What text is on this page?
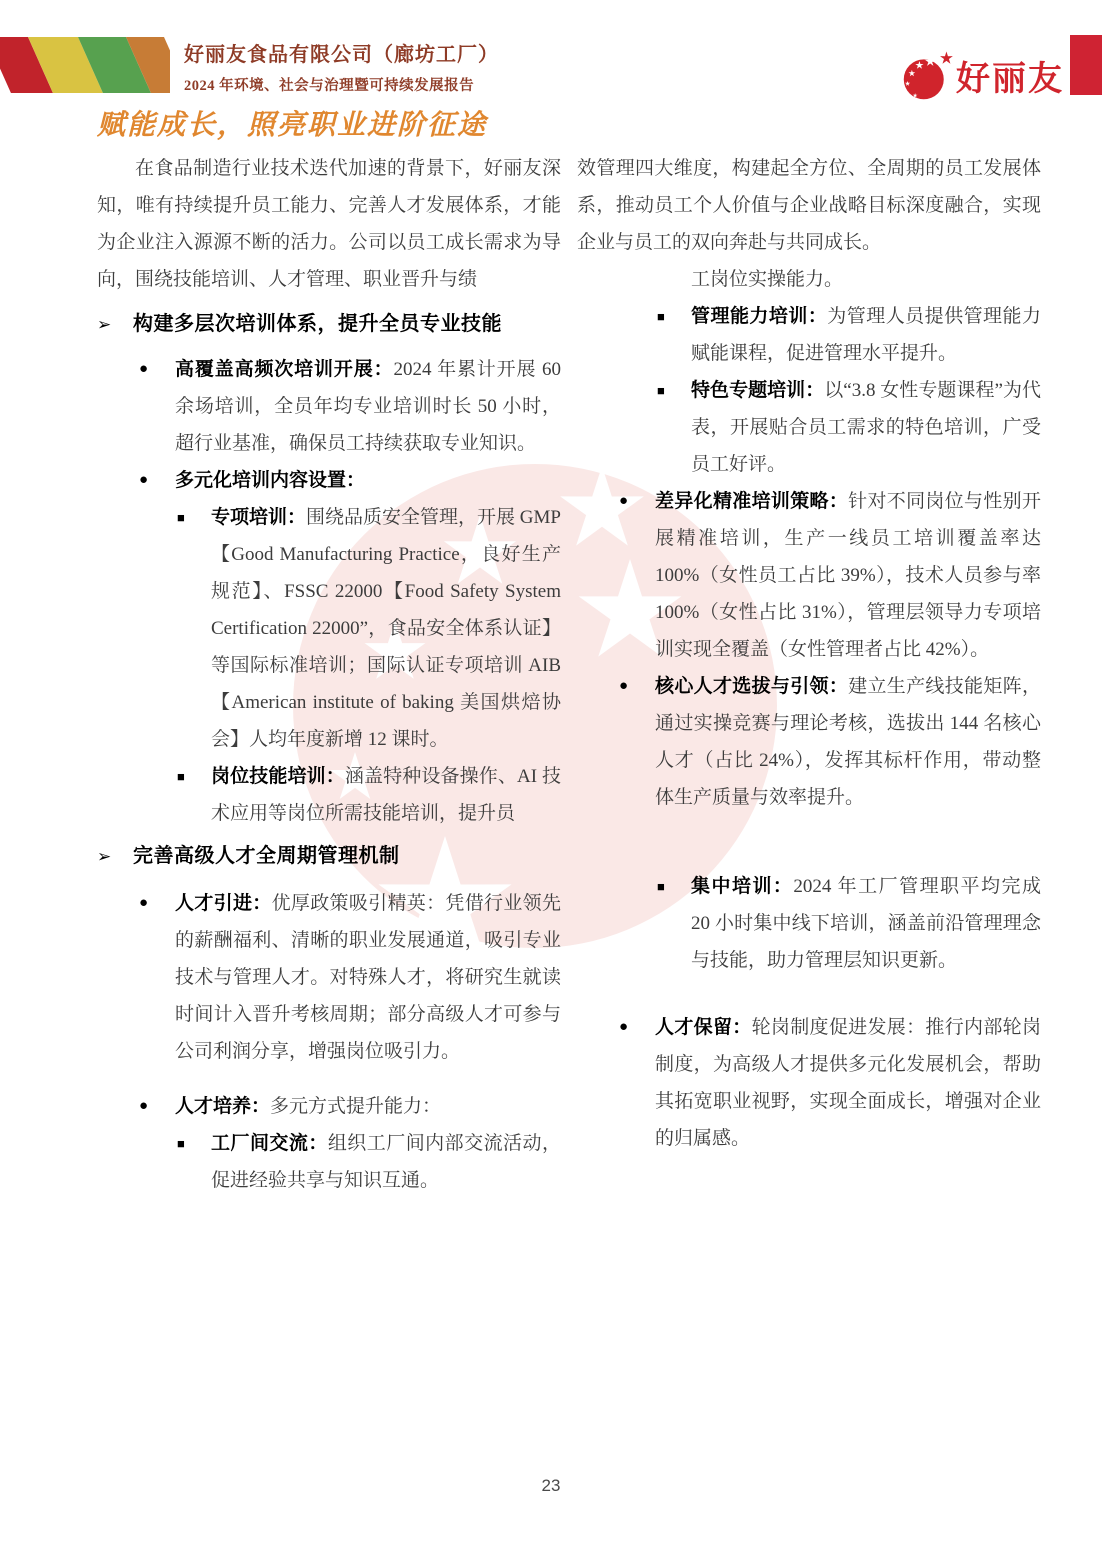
好丽友食品有限公司（廊坊工厂）
2024 年环境、社会与治理暨可持续发展报告	好丽友
赋能成长，照亮职业进阶征途

在食品制造行业技术迭代加速的背景下，好丽友深知，唯有持续提升员工能力、完善人才发展体系，才能为企业注入源源不断的活力。公司以员工成长需求为导向，围绕技能培训、人才管理、职业晋升与绩

➢	构建多层次培训体系，提升全员专业技能

●	高覆盖高频次培训开展：2024 年累计开展 60 余场培训，全员年均专业培训时长 50 小时，超行业基准，确保员工持续获取专业知识。

●	多元化培训内容设置：

■	专项培训：围绕品质安全管理，开展 GMP【Good Manufacturing Practice，良好生产规范】、FSSC 22000【Food Safety System Certification 22000”，食品安全体系认证】等国际标准培训；国际认证专项培训 AIB【American institute of baking 美国烘焙协会】人均年度新增 12 课时。

■	岗位技能培训：涵盖特种设备操作、AI 技术应用等岗位所需技能培训，提升员

➢	完善高级人才全周期管理机制

●	人才引进：优厚政策吸引精英：凭借行业领先的薪酬福利、清晰的职业发展通道，吸引专业技术与管理人才。对特殊人才，将研究生就读时间计入晋升考核周期；部分高级人才可参与公司利润分享，增强岗位吸引力。

●	人才培养：多元方式提升能力：

■	工厂间交流：组织工厂间内部交流活动，促进经验共享与知识互通。

效管理四大维度，构建起全方位、全周期的员工发展体系，推动员工个人价值与企业战略目标深度融合，实现企业与员工的双向奔赴与共同成长。

工岗位实操能力。

■	管理能力培训：为管理人员提供管理能力赋能课程，促进管理水平提升。

■	特色专题培训：以“3.8 女性专题课程”为代表，开展贴合员工需求的特色培训，广受员工好评。

●	差异化精准培训策略：针对不同岗位与性别开展精准培训，生产一线员工培训覆盖率达 100%（女性员工占比 39%），技术人员参与率 100%（女性占比 31%），管理层领导力专项培训实现全覆盖（女性管理者占比 42%）。

●	核心人才选拔与引领：建立生产线技能矩阵，通过实操竞赛与理论考核，选拔出 144 名核心人才（占比 24%），发挥其标杆作用，带动整体生产质量与效率提升。

■	集中培训：2024 年工厂管理职平均完成 20 小时集中线下培训，涵盖前沿管理理念与技能，助力管理层知识更新。

●	人才保留：轮岗制度促进发展：推行内部轮岗制度，为高级人才提供多元化发展机会，帮助其拓宽职业视野，实现全面成长，增强对企业的归属感。

23
